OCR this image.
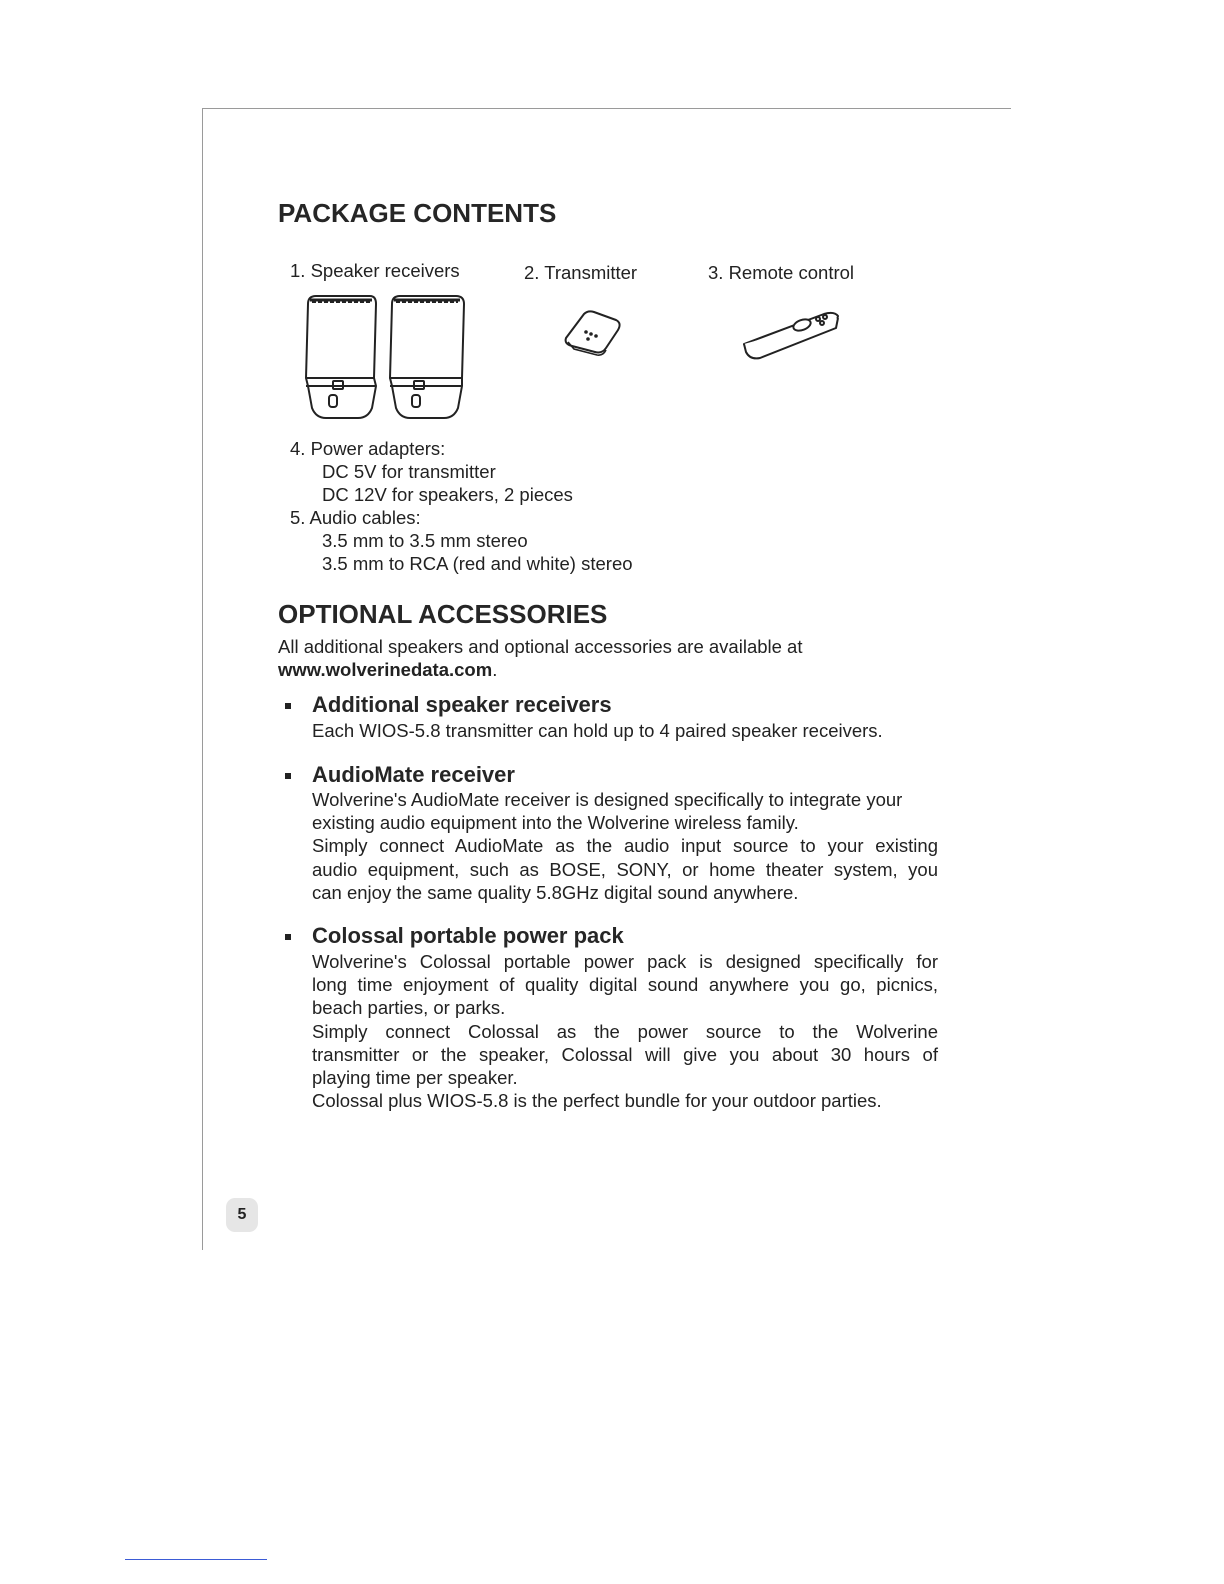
PACKAGE CONTENTS
1. Speaker receivers	2. Transmitter	3. Remote control
4. Power adapters:
DC 5V for transmitter
DC 12V for speakers, 2 pieces
5. Audio cables:
3.5 mm to 3.5 mm stereo
3.5 mm to RCA (red and white) stereo
OPTIONAL ACCESSORIES
All additional speakers and optional accessories are available at
www.wolverinedata.com.
Additional speaker receivers
Each WIOS-5.8 transmitter can hold up to 4 paired speaker receivers.
AudioMate receiver

Wolverine's AudioMate receiver is designed specifically to integrate your

existing audio equipment into the Wolverine wireless family.

Simply connect AudioMate as the audio input source to your existing

audio equipment, such as BOSE, SONY, or home theater system, you

can enjoy the same quality 5.8GHz digital sound anywhere.

Colossal portable power pack

Wolverine's Colossal portable power pack is designed specifically for

long time enjoyment of quality digital sound anywhere you go, picnics,

beach parties, or parks.

Simply connect Colossal as the power source to the Wolverine

transmitter or the speaker, Colossal will give you about 30 hours of

playing time per speaker.

Colossal plus WIOS-5.8 is the perfect bundle for your outdoor parties.

5
